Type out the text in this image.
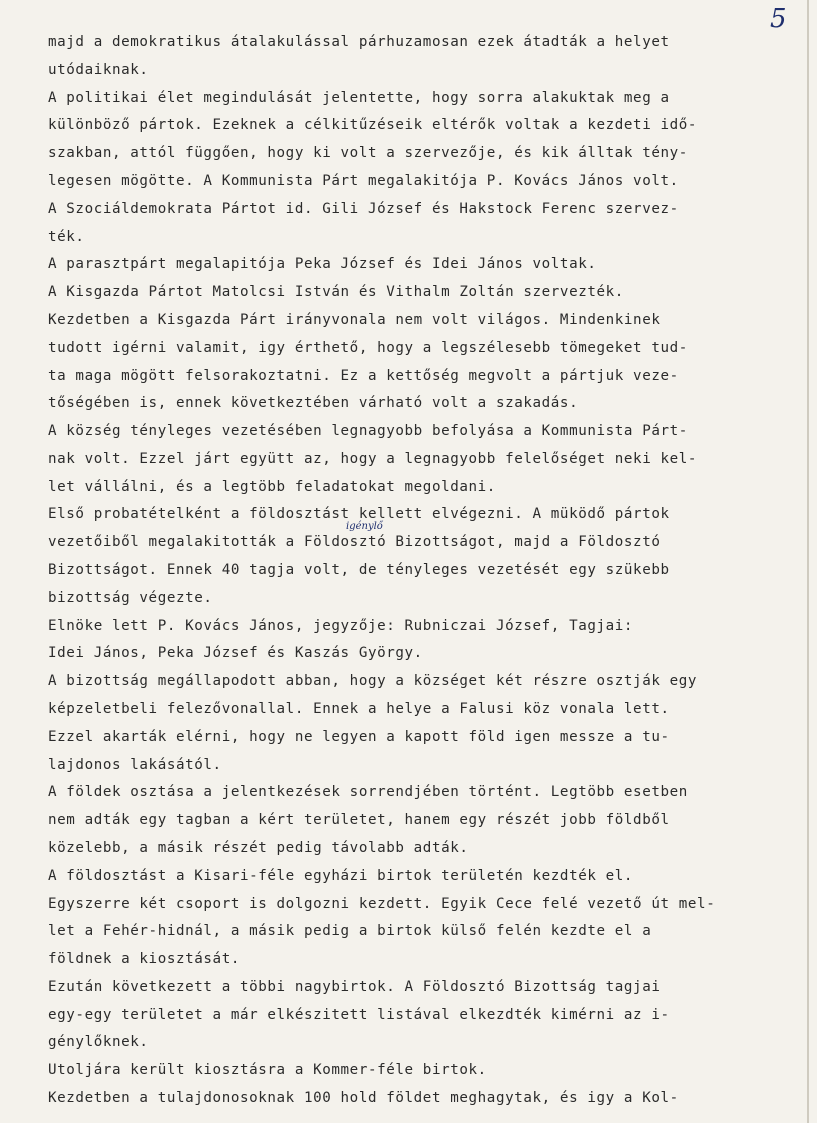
5
majd a demokratikus átalakulással párhuzamosan ezek átadták a helyet
utódaiknak.
A politikai élet megindulását jelentette, hogy sorra alakuktak meg a
különböző pártok. Ezeknek a célkitűzéseik eltérők voltak a kezdeti idő-
szakban, attól függően, hogy ki volt a szervezője, és kik álltak tény-
legesen mögötte. A Kommunista Párt megalakitója P. Kovács János volt.
A Szociáldemokrata Pártot id. Gili József és Hakstock Ferenc szervez-
ték.
A parasztpárt megalapitója Peka József és Idei János voltak.
A Kisgazda Pártot Matolcsi István és Vithalm Zoltán szervezték.
Kezdetben a Kisgazda Párt irányvonala nem volt világos. Mindenkinek
tudott igérni valamit, igy érthető, hogy a legszélesebb tömegeket tud-
ta maga mögött felsorakoztatni. Ez a kettőség megvolt a pártjuk veze-
tőségében is, ennek következtében várható volt a szakadás.
A község tényleges vezetésében legnagyobb befolyása a Kommunista Párt-
nak volt. Ezzel járt együtt az, hogy a legnagyobb felelőséget neki kel-
let vállálni, és a legtöbb feladatokat megoldani.
Első probatételként a földosztást kellett elvégezni. A müködő pártok
vezetőiből megalakitották a Földosztó Bizottságot, majd a Földosztó
igénylő
Bizottságot. Ennek 40 tagja volt, de tényleges vezetését egy szükebb
bizottság végezte.
Elnöke lett P. Kovács János, jegyzője: Rubniczai József, Tagjai:
Idei János, Peka József és Kaszás György.
A bizottság megállapodott abban, hogy a községet két részre osztják egy
képzeletbeli felezővonallal. Ennek a helye a Falusi köz vonala lett.
Ezzel akarták elérni, hogy ne legyen a kapott föld igen messze a tu-
lajdonos lakásától.
A földek osztása a jelentkezések sorrendjében történt. Legtöbb esetben
nem adták egy tagban a kért területet, hanem egy részét jobb földből
közelebb, a másik részét pedig távolabb adták.
A földosztást a Kisari-féle egyházi birtok területén kezdték el.
Egyszerre két csoport is dolgozni kezdett. Egyik Cece felé vezető út mel-
let a Fehér-hidnál, a másik pedig a birtok külső felén kezdte el a
földnek a kiosztását.
Ezután következett a többi nagybirtok. A Földosztó Bizottság tagjai
egy-egy területet a már elkészitett listával elkezdték kimérni az i-
génylőknek.
Utoljára került kiosztásra a Kommer-féle birtok.
Kezdetben a tulajdonosoknak 100 hold földet meghagytak, és igy a Kol-
